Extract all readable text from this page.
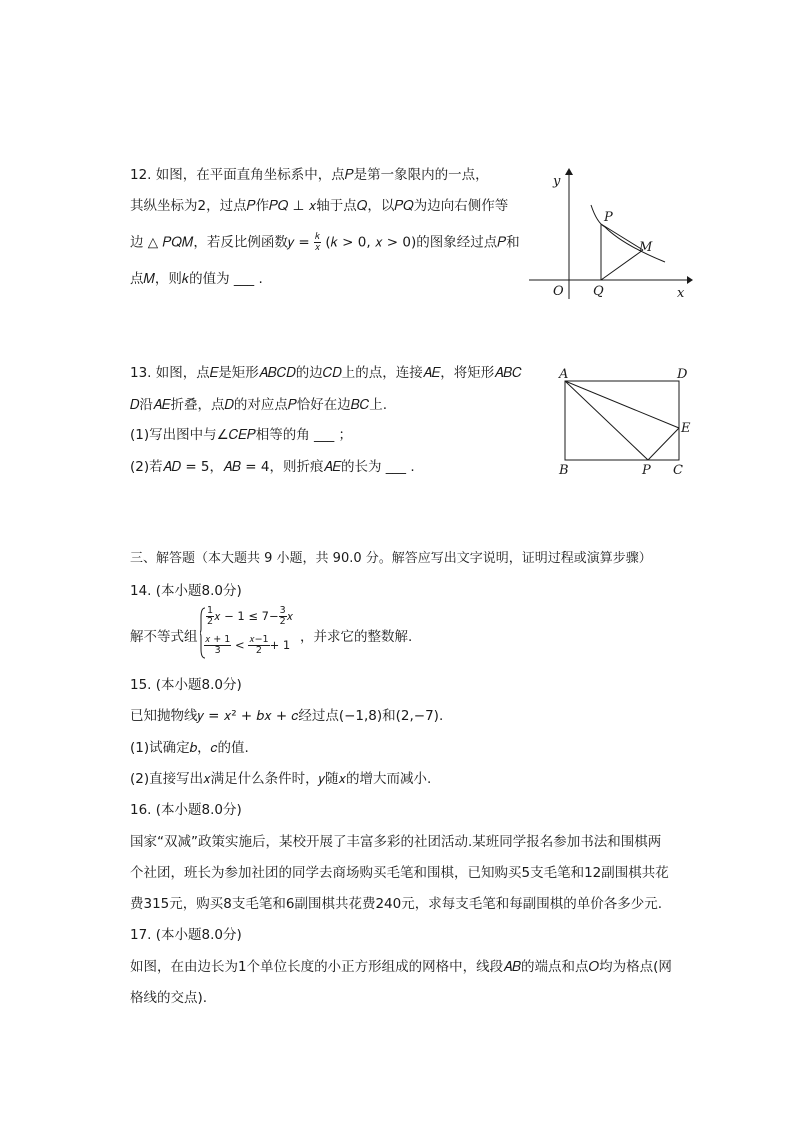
12. 如图，在平面直角坐标系中，点𝑃是第一象限内的一点，
其纵坐标为2，过点𝑃作𝑃𝑄 ⊥ 𝑥轴于点𝑄，以𝑃𝑄为边向右侧作等
边 △ 𝑃𝑄𝑀，若反比例函数𝑦 = $\frac{\text{𝑘}}{\text{𝑥}}$ (𝑘 > 0, 𝑥 > 0)的图象经过点𝑃和
点𝑀，则𝑘的值为 ___ .
y
x
O Q
P
M
13. 如图，点𝐸是矩形𝐴𝐵𝐶𝐷的边𝐶𝐷上的点，连接𝐴𝐸，将矩形𝐴𝐵𝐶
𝐷沿𝐴𝐸折叠，点𝐷的对应点𝑃恰好在边𝐵𝐶上.
(1)写出图中与∠𝐶𝐸𝑃相等的角 ___ ；
(2)若𝐴𝐷 = 5，𝐴𝐵 = 4，则折痕𝐴𝐸的长为 ___ .
A	D
E
B	P C
三、解答题（本大题共 9 小题，共 90.0 分。解答应写出文字说明，证明过程或演算步骤）
14. (本小题8.0分)
解不等式组
$\frac{1}{2}$ 𝑥 − $1 \le 7- \frac{3}{2}$ 𝑥
$\frac{\text{𝑥 + 1}}{3} < \frac{\text{𝑥−1}}{2} + 1$ ，并求它的整数解.
15. (本小题8.0分)
已知抛物线𝑦 = 𝑥² + 𝑏𝑥 + 𝑐经过点(−1,8)和(2,−7).
(1)试确定𝑏，𝑐的值.
(2)直接写出𝑥满足什么条件时，𝑦随𝑥的增大而减小.
16. (本小题8.0分)
国家“双减”政策实施后，某校开展了丰富多彩的社团活动.某班同学报名参加书法和围棋两
个社团，班长为参加社团的同学去商场购买毛笔和围棋，已知购买5支毛笔和12副围棋共花
费315元，购买8支毛笔和6副围棋共花费240元，求每支毛笔和每副围棋的单价各多少元.
17. (本小题8.0分)
如图，在由边长为1个单位长度的小正方形组成的网格中，线段𝐴𝐵的端点和点𝑂均为格点(网
格线的交点).
